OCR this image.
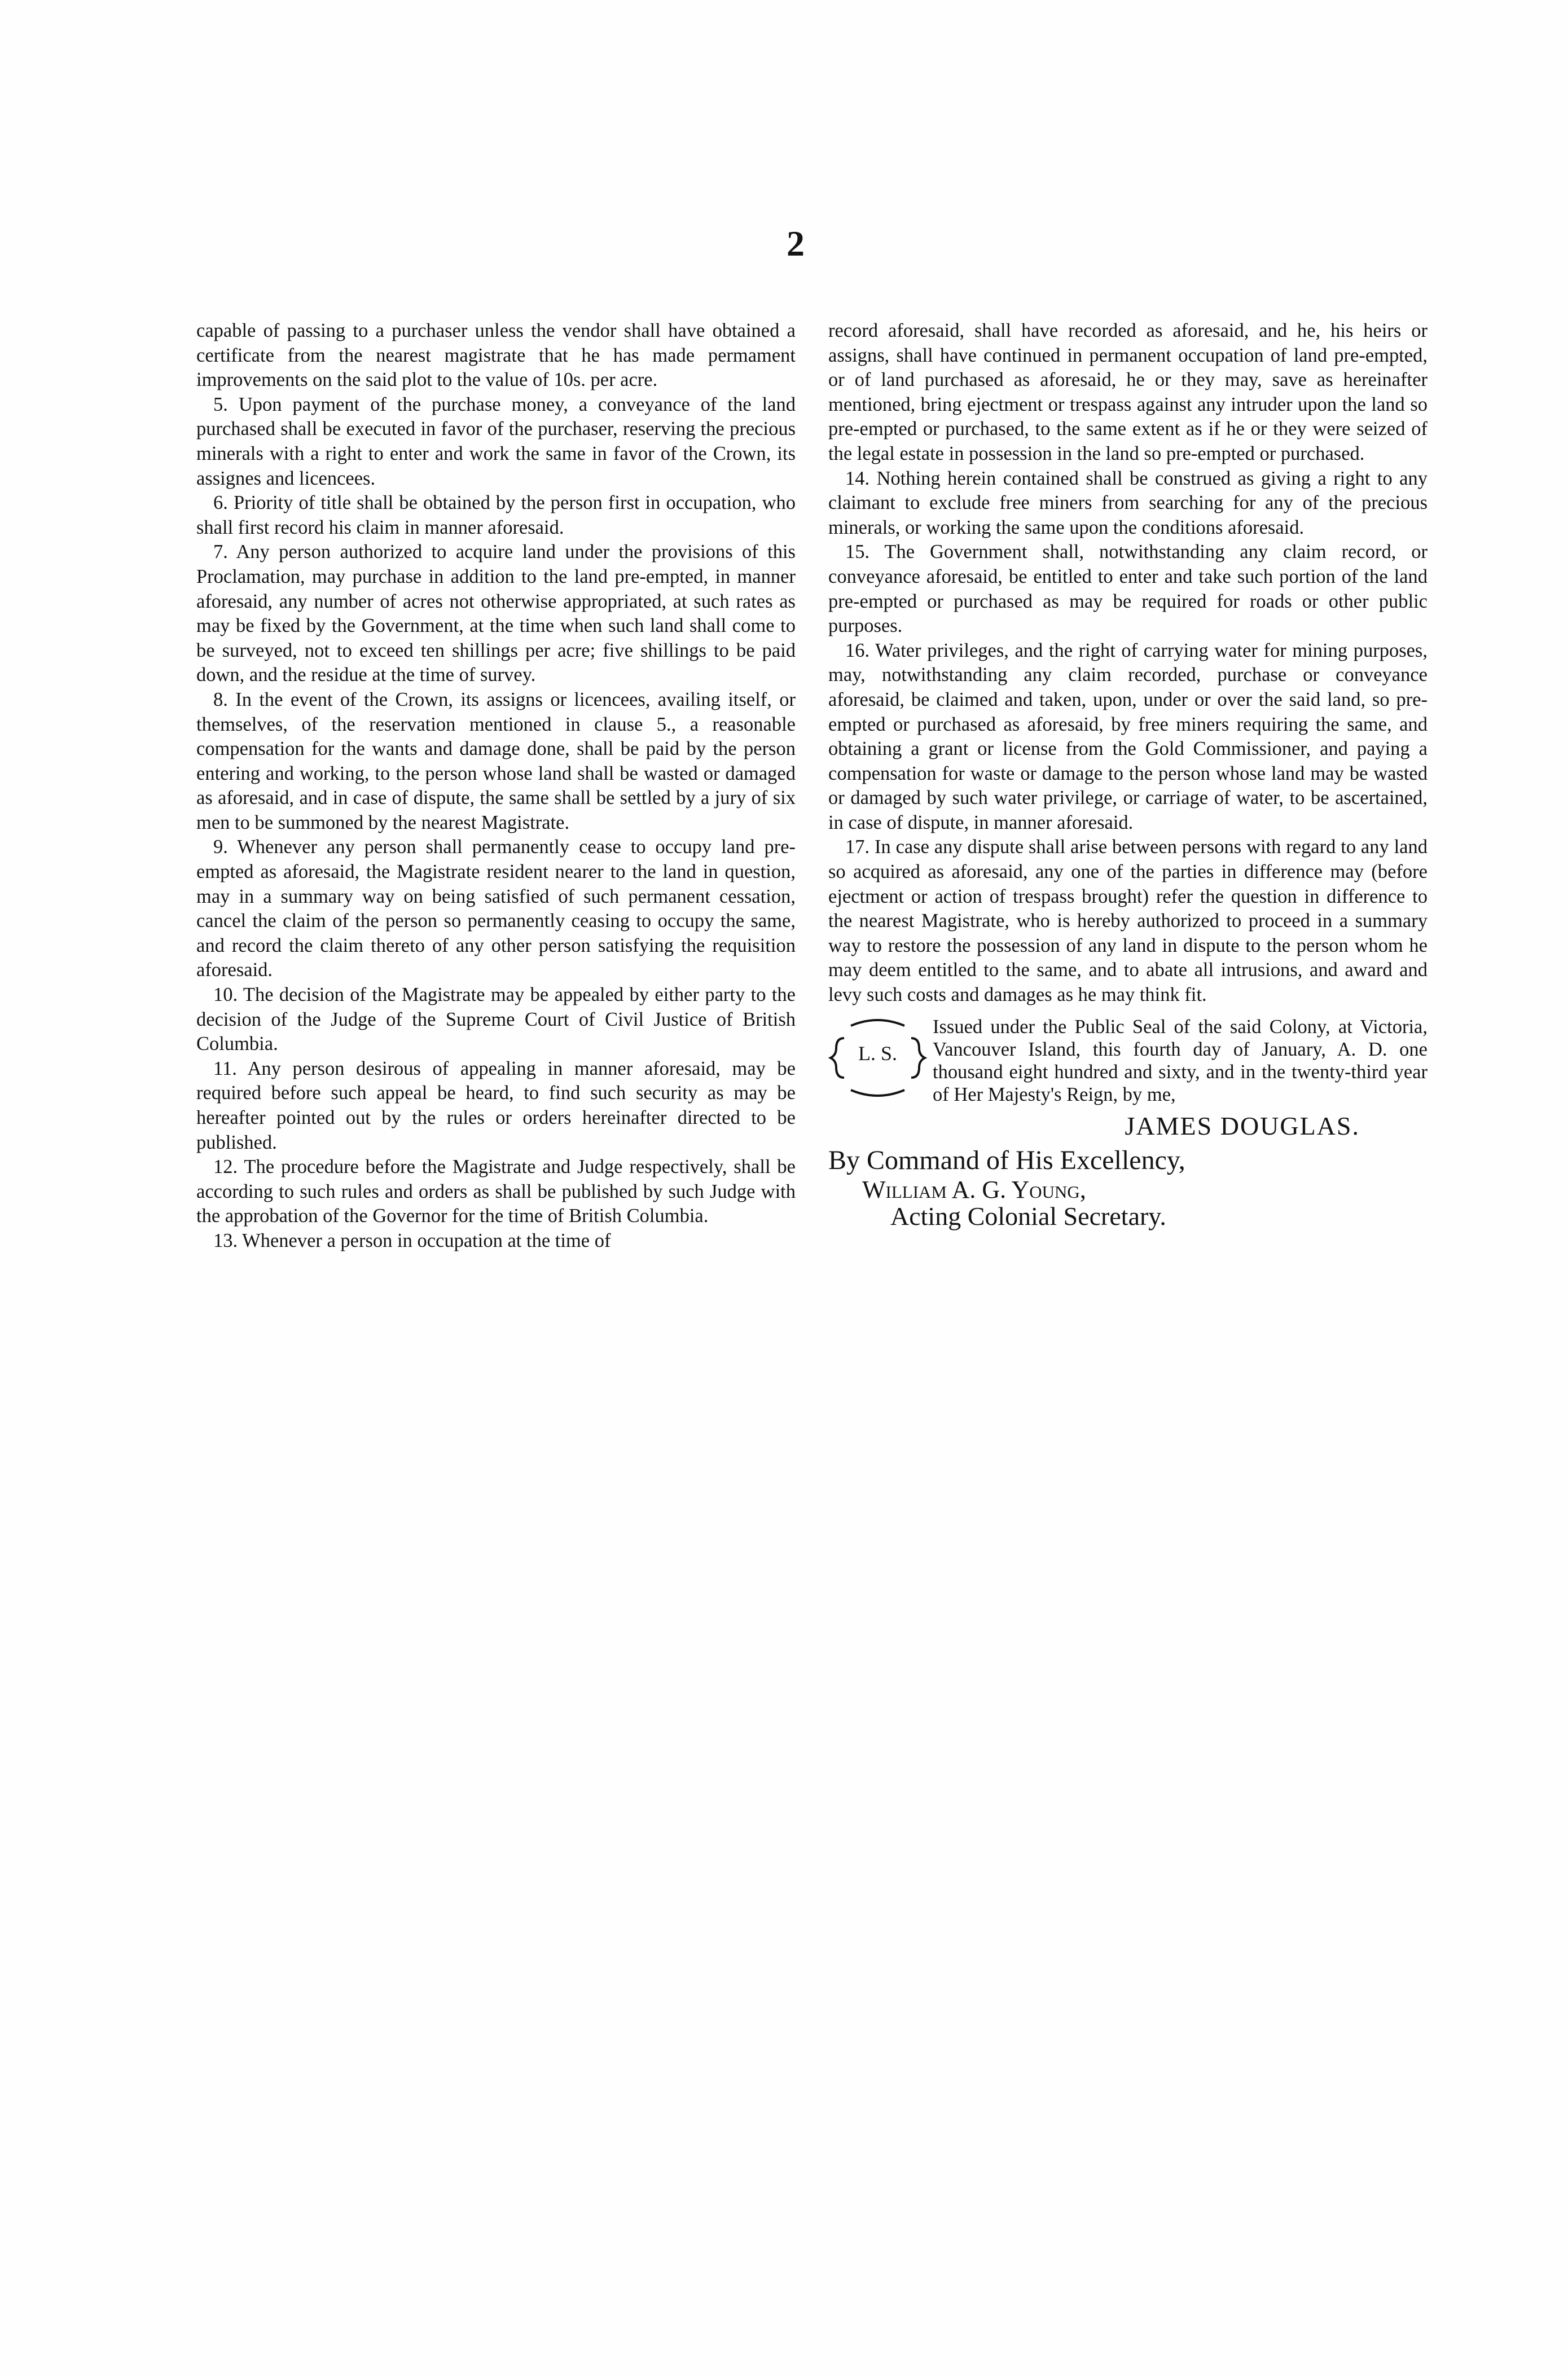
2

capable of passing to a purchaser unless the vendor shall have obtained a certificate from the nearest magistrate that he has made permament improvements on the said plot to the value of 10s. per acre.

5. Upon payment of the purchase money, a conveyance of the land purchased shall be executed in favor of the purchaser, reserving the precious minerals with a right to enter and work the same in favor of the Crown, its assignes and licencees.

6. Priority of title shall be obtained by the person first in occupation, who shall first record his claim in manner aforesaid.

7. Any person authorized to acquire land under the provisions of this Proclamation, may purchase in addition to the land pre-empted, in manner aforesaid, any number of acres not otherwise appropriated, at such rates as may be fixed by the Government, at the time when such land shall come to be surveyed, not to exceed ten shillings per acre; five shillings to be paid down, and the residue at the time of survey.

8. In the event of the Crown, its assigns or licencees, availing itself, or themselves, of the reservation mentioned in clause 5., a reasonable compensation for the wants and damage done, shall be paid by the person entering and working, to the person whose land shall be wasted or damaged as aforesaid, and in case of dispute, the same shall be settled by a jury of six men to be summoned by the nearest Magistrate.

9. Whenever any person shall permanently cease to occupy land pre-empted as aforesaid, the Magistrate resident nearer to the land in question, may in a summary way on being satisfied of such permanent cessation, cancel the claim of the person so permanently ceasing to occupy the same, and record the claim thereto of any other person satisfying the requisition aforesaid.

10. The decision of the Magistrate may be appealed by either party to the decision of the Judge of the Supreme Court of Civil Justice of British Columbia.

11. Any person desirous of appealing in manner aforesaid, may be required before such appeal be heard, to find such security as may be hereafter pointed out by the rules or orders hereinafter directed to be published.

12. The procedure before the Magistrate and Judge respectively, shall be according to such rules and orders as shall be published by such Judge with the approbation of the Governor for the time of British Columbia.

13. Whenever a person in occupation at the time of

record aforesaid, shall have recorded as aforesaid, and he, his heirs or assigns, shall have continued in permanent occupation of land pre-empted, or of land purchased as aforesaid, he or they may, save as hereinafter mentioned, bring ejectment or trespass against any intruder upon the land so pre-empted or purchased, to the same extent as if he or they were seized of the legal estate in possession in the land so pre-empted or purchased.

14. Nothing herein contained shall be construed as giving a right to any claimant to exclude free miners from searching for any of the precious minerals, or working the same upon the conditions aforesaid.

15. The Government shall, notwithstanding any claim record, or conveyance aforesaid, be entitled to enter and take such portion of the land pre-empted or purchased as may be required for roads or other public purposes.

16. Water privileges, and the right of carrying water for mining purposes, may, notwithstanding any claim recorded, purchase or conveyance aforesaid, be claimed and taken, upon, under or over the said land, so pre-empted or purchased as aforesaid, by free miners requiring the same, and obtaining a grant or license from the Gold Commissioner, and paying a compensation for waste or damage to the person whose land may be wasted or damaged by such water privilege, or carriage of water, to be ascertained, in case of dispute, in manner aforesaid.

17. In case any dispute shall arise between persons with regard to any land so acquired as aforesaid, any one of the parties in difference may (before ejectment or action of trespass brought) refer the question in difference to the nearest Magistrate, who is hereby authorized to proceed in a summary way to restore the possession of any land in dispute to the person whom he may deem entitled to the same, and to abate all intrusions, and award and levy such costs and damages as he may think fit.

L. S.
Issued under the Public Seal of the said Colony, at Victoria, Vancouver Island, this fourth day of January, A. D. one thousand eight hundred and sixty, and in the twenty-third year of Her Majesty's Reign, by me,
JAMES DOUGLAS.
By Command of His Excellency,
William A. G. Young,
Acting Colonial Secretary.
